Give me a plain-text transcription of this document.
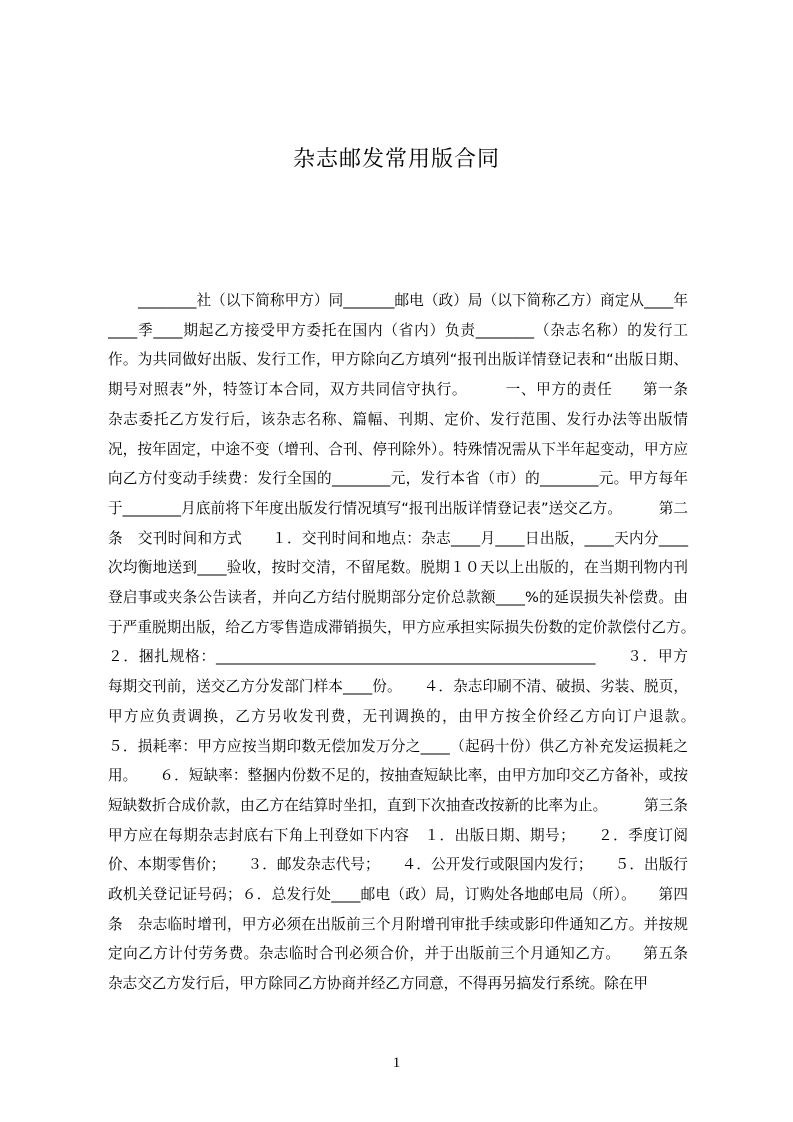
杂志邮发常用版合同

________社（以下简称甲方）同_______邮电（政）局（以下简称乙方）商定从____年____季____期起乙方接受甲方委托在国内（省内）负责________（杂志名称）的发行工作。为共同做好出版、发行工作，甲方除向乙方填列“报刊出版详情登记表和“出版日期、期号对照表”外，特签订本合同，双方共同信守执行。　　　一、甲方的责任　　第一条　杂志委托乙方发行后，该杂志名称、篇幅、刊期、定价、发行范围、发行办法等出版情况，按年固定，中途不变（增刊、合刊、停刊除外）。特殊情况需从下半年起变动，甲方应向乙方付变动手续费：发行全国的________元，发行本省（市）的________元。甲方每年于________月底前将下年度出版发行情况填写“报刊出版详情登记表”送交乙方。　　　第二条　交刊时间和方式　　１．交刊时间和地点：杂志____月____日出版，____天内分____次均衡地送到____验收，按时交清，不留尾数。脱期１０天以上出版的，在当期刊物内刊登启事或夹条公告读者，并向乙方结付脱期部分定价总款额____%的延误损失补偿费。由于严重脱期出版，给乙方零售造成滞销损失，甲方应承担实际损失份数的定价款偿付乙方。　　２．捆扎规格：____________________________________________________　　３．甲方每期交刊前，送交乙方分发部门样本____份。　　４．杂志印刷不清、破损、劣装、脱页，甲方应负责调换，乙方另收发刊费，无刊调换的，由甲方按全价经乙方向订户退款。　　５．损耗率：甲方应按当期印数无偿加发万分之____（起码十份）供乙方补充发运损耗之用。　　６．短缺率：整捆内份数不足的，按抽查短缺比率，由甲方加印交乙方备补，或按短缺数折合成价款，由乙方在结算时坐扣，直到下次抽查改按新的比率为止。　　　第三条　甲方应在每期杂志封底右下角上刊登如下内容　１．出版日期、期号；　　２．季度订阅价、本期零售价；　　３．邮发杂志代号；　　４．公开发行或限国内发行；　　５．出版行政机关登记证号码；６．总发行处____邮电（政）局，订购处各地邮电局（所）。　　第四条　杂志临时增刊，甲方必须在出版前三个月附增刊审批手续或影印件通知乙方。并按规定向乙方计付劳务费。杂志临时合刊必须合价，并于出版前三个月通知乙方。　　第五条　杂志交乙方发行后，甲方除同乙方协商并经乙方同意，不得再另搞发行系统。除在甲

1
